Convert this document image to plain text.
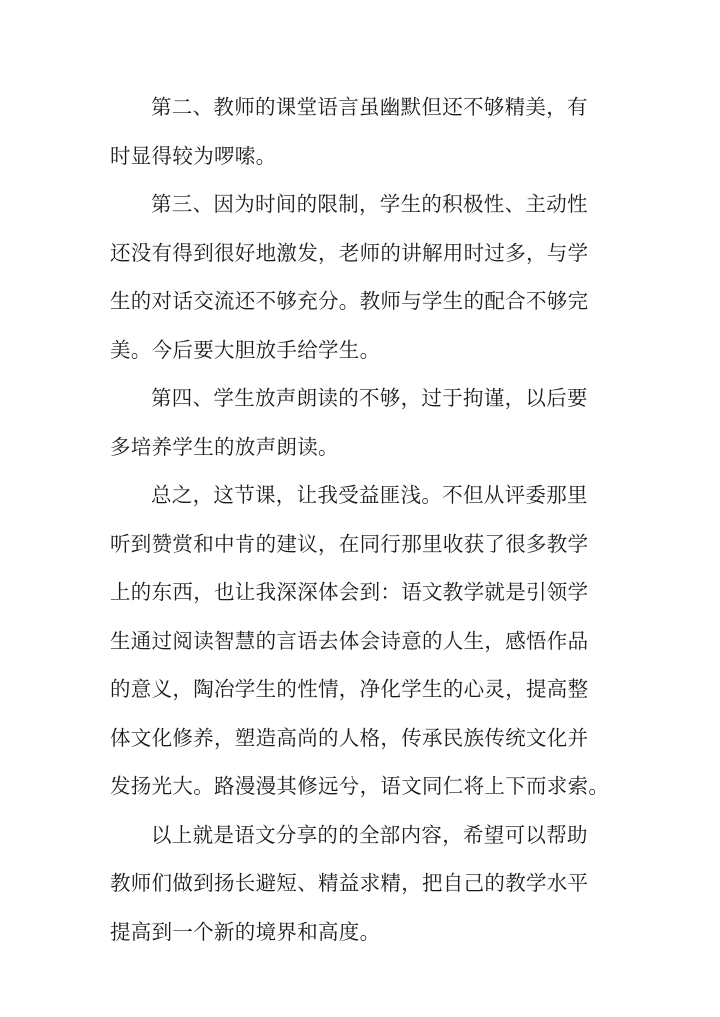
第二、教师的课堂语言虽幽默但还不够精美，有
时显得较为啰嗦。
第三、因为时间的限制，学生的积极性、主动性
还没有得到很好地激发，老师的讲解用时过多，与学
生的对话交流还不够充分。教师与学生的配合不够完
美。今后要大胆放手给学生。
第四、学生放声朗读的不够，过于拘谨，以后要
多培养学生的放声朗读。
总之，这节课，让我受益匪浅。不但从评委那里
听到赞赏和中肯的建议，在同行那里收获了很多教学
上的东西，也让我深深体会到：语文教学就是引领学
生通过阅读智慧的言语去体会诗意的人生，感悟作品
的意义，陶冶学生的性情，净化学生的心灵，提高整
体文化修养，塑造高尚的人格，传承民族传统文化并
发扬光大。路漫漫其修远兮，语文同仁将上下而求索。
以上就是语文分享的的全部内容，希望可以帮助
教师们做到扬长避短、精益求精，把自己的教学水平
提高到一个新的境界和高度。
